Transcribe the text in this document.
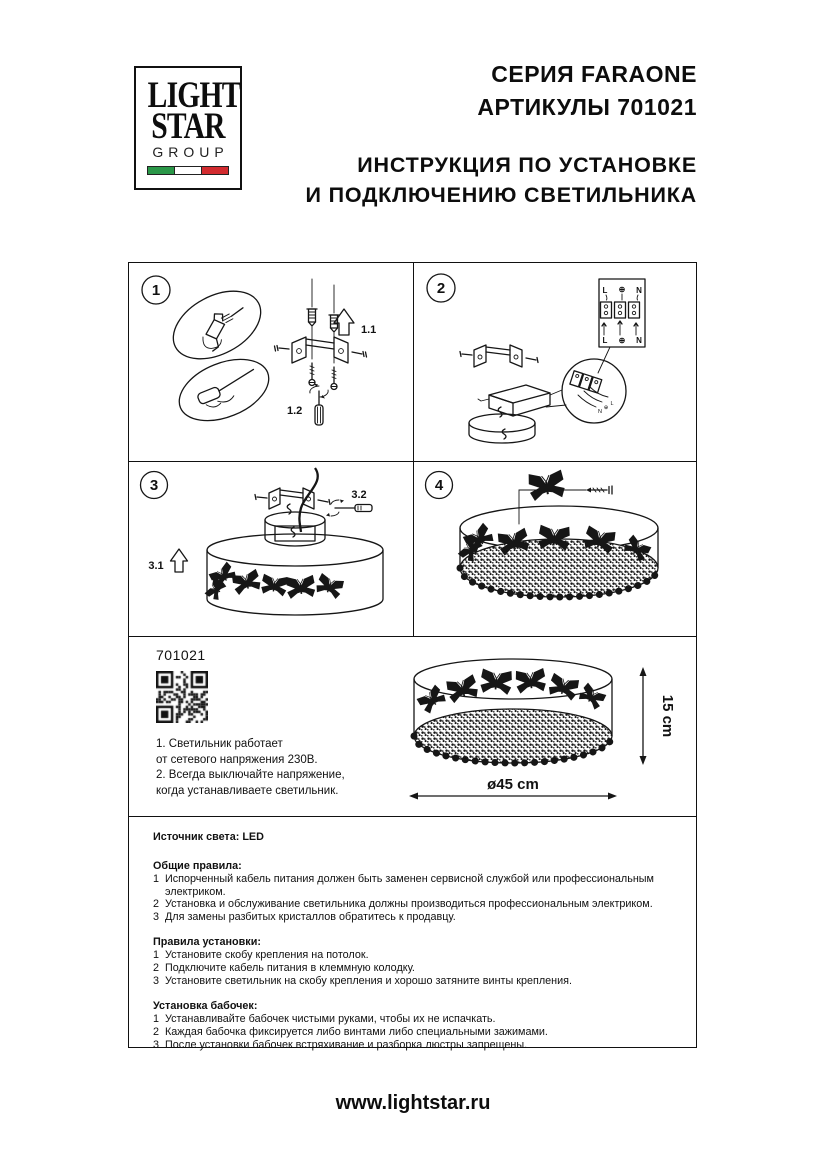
LIGHT
STAR
GROUP
СЕРИЯ FARAONE
АРТИКУЛЫ 701021
ИНСТРУКЦИЯ ПО УСТАНОВКЕ
И ПОДКЛЮЧЕНИЮ СВЕТИЛЬНИКА
1
1.1
1.2
2	L ⊕ N
L ⊕ N
N
⊕
L
3
3.2
3.1
4
701021
1. Светильник работает
от сетевого напряжения 230В.
2. Всегда выключайте напряжение,
когда устанавливаете светильник.
15 cm
ø45 cm
Источник света: LED
Общие правила:
1 Испорченный кабель питания должен быть заменен сервисной службой или профессиональным электриком.
2 Установка и обслуживание светильника должны производиться профессиональным электриком.
3 Для замены разбитых кристаллов обратитесь к продавцу.
Правила установки:
1 Установите скобу крепления на потолок.
2 Подключите кабель питания в клеммную колодку.
3 Установите светильник на скобу крепления и хорошо затяните винты крепления.
Установка бабочек:
1 Устанавливайте бабочек чистыми руками, чтобы их не испачкать.
2 Каждая бабочка фиксируется либо винтами либо специальными зажимами.
3 После установки бабочек встряхивание и разборка люстры запрещены.
www.lightstar.ru
